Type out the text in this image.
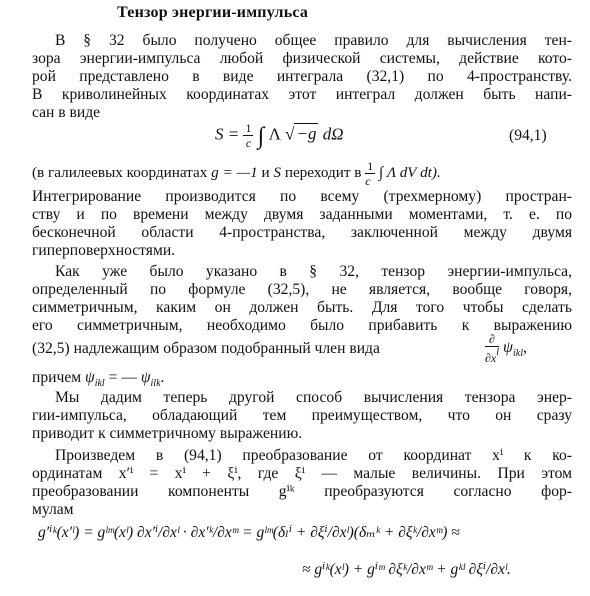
Тензор энергии-импульса
В § 32 было получено общее правило для вычисления тен-
зора энергии-импульса любой физической системы, действие кото-
рой представлено в виде интеграла (32,1) по 4-пространству.
В криволинейных координатах этот интеграл должен быть напи-
сан в виде
$S = \frac{1}{c}$ ∫ Λ √ −g dΩ	(94,1)
(в галилеевых координатах g = —1 и S переходит в $\frac{1}{c}$ ∫ Λ dV dt).
Интегрирование производится по всему (трехмерному) простран-
ству и по времени между двумя заданными моментами, т. е. по
бесконечной области 4-пространства, заключенной между двумя
гиперповерхностями.
Как уже было указано в § 32, тензор энергии-импульса,
определенный по формуле (32,5), не является, вообще говоря,
симметричным, каким он должен быть. Для того чтобы сделать
его симметричным, необходимо было прибавить к выражению
(32,5) надлежащим образом подобранный член вида	$\frac{\partial}{\partial x^l} \psi_{ikl}$,
причем $\psi_{ikl}$ = — $\psi_{ilk}$.
Мы дадим теперь другой способ вычисления тензора энер-
гии-импульса, обладающий тем преимуществом, что он сразу
приводит к симметричному выражению.
Произведем в (94,1) преобразование от координат xⁱ к ко-
ординатам x′ⁱ = xⁱ + ξⁱ, где ξⁱ — малые величины. При этом
преобразовании компоненты gⁱᵏ преобразуются согласно фор-
мулам
g′ⁱᵏ(x′ˡ) = gˡᵐ(xˡ) ∂x′ⁱ/∂xˡ · ∂x′ᵏ/∂xᵐ = gˡᵐ(δₗⁱ + ∂ξⁱ/∂xˡ)(δₘᵏ + ∂ξᵏ/∂xᵐ) ≈
≈ gⁱᵏ(xˡ) + gⁱᵐ ∂ξᵏ/∂xᵐ + gᵏˡ ∂ξⁱ/∂xˡ.
